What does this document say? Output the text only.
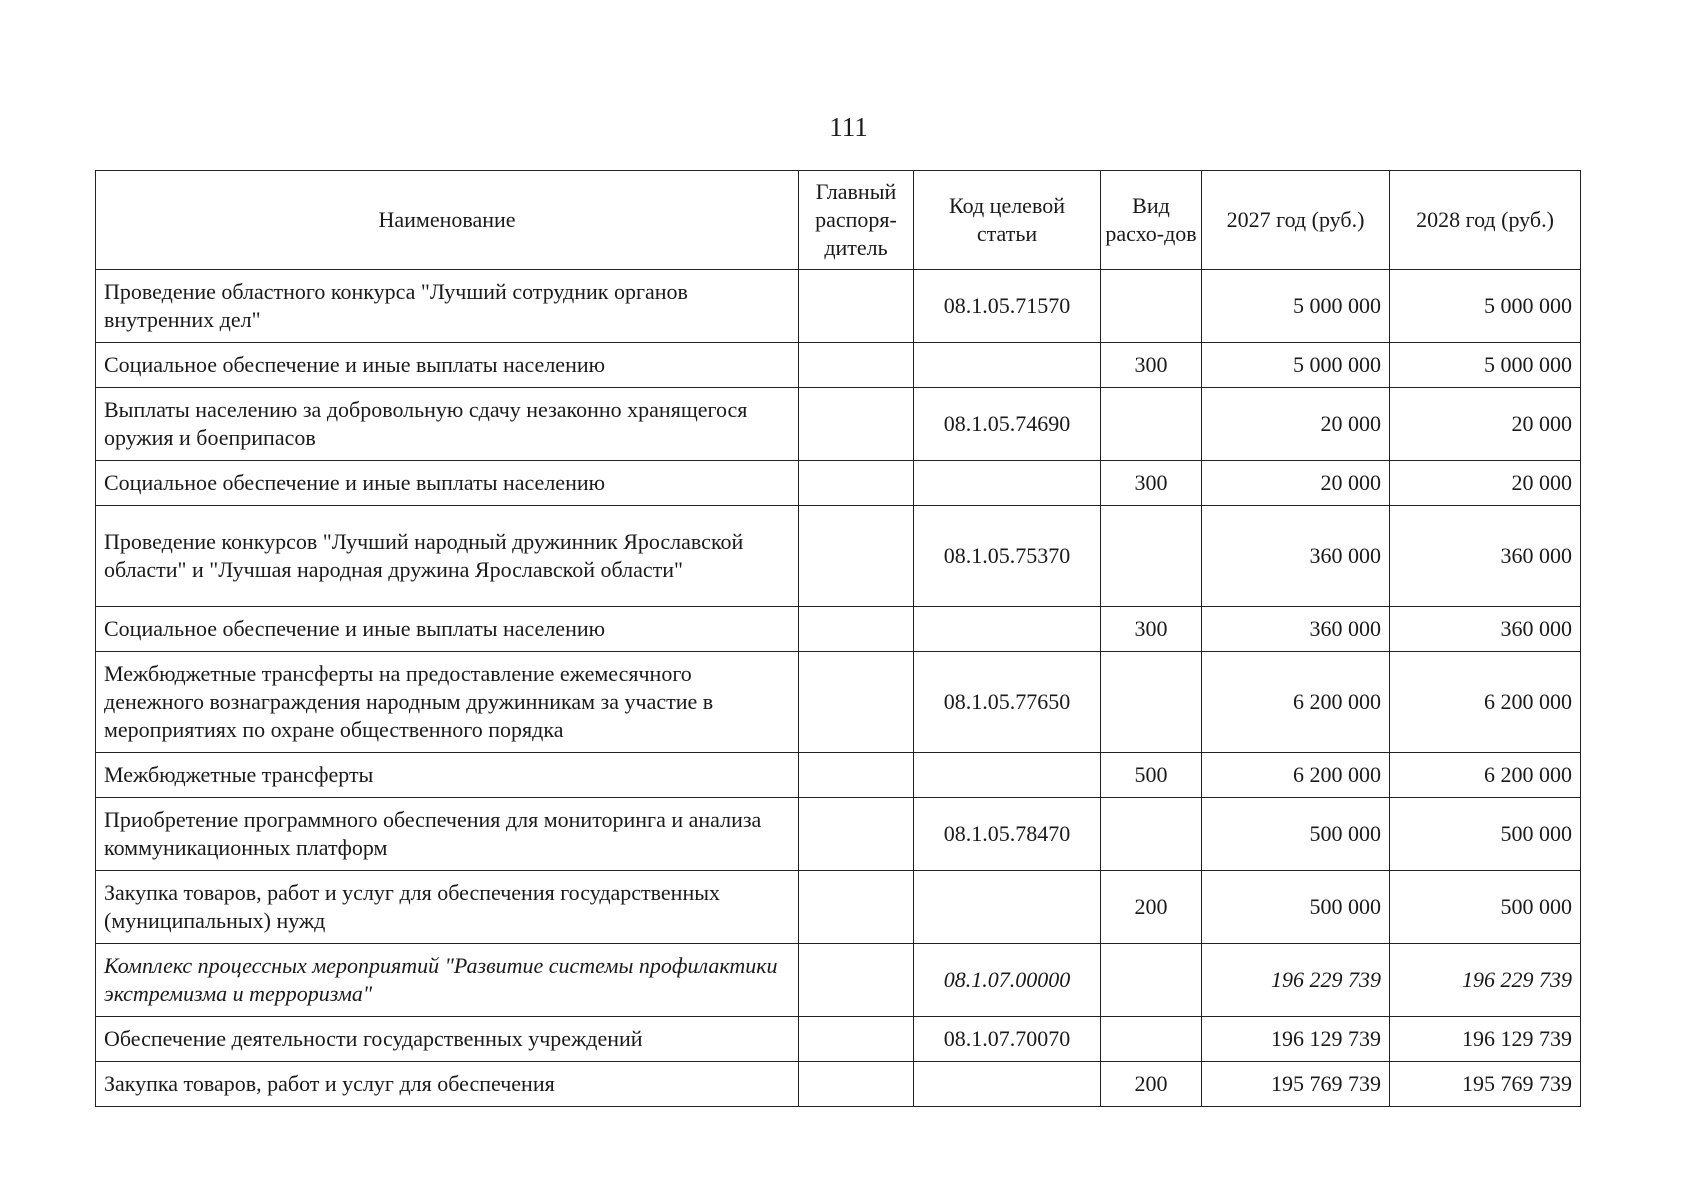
111
Наименование	Главный распоря-дитель	Код целевой статьи	Вид расхо-дов	2027 год (руб.)	2028 год (руб.)
Проведение областного конкурса "Лучший сотрудник органов внутренних дел"		08.1.05.71570		5 000 000	5 000 000
Социальное обеспечение и иные выплаты населению			300	5 000 000	5 000 000
Выплаты населению за добровольную сдачу незаконно хранящегося оружия и боеприпасов		08.1.05.74690		20 000	20 000
Социальное обеспечение и иные выплаты населению			300	20 000	20 000
Проведение конкурсов "Лучший народный дружинник Ярославской области" и "Лучшая народная дружина Ярославской области"		08.1.05.75370		360 000	360 000
Социальное обеспечение и иные выплаты населению			300	360 000	360 000
Межбюджетные трансферты на предоставление ежемесячного денежного вознаграждения народным дружинникам за участие в мероприятиях по охране общественного порядка		08.1.05.77650		6 200 000	6 200 000
Межбюджетные трансферты			500	6 200 000	6 200 000
Приобретение программного обеспечения для мониторинга и анализа коммуникационных платформ		08.1.05.78470		500 000	500 000
Закупка товаров, работ и услуг для обеспечения государственных (муниципальных) нужд			200	500 000	500 000
Комплекс процессных мероприятий "Развитие системы профилактики экстремизма и терроризма"		08.1.07.00000		196 229 739	196 229 739
Обеспечение деятельности государственных учреждений		08.1.07.70070		196 129 739	196 129 739
Закупка товаров, работ и услуг для обеспечения			200	195 769 739	195 769 739
